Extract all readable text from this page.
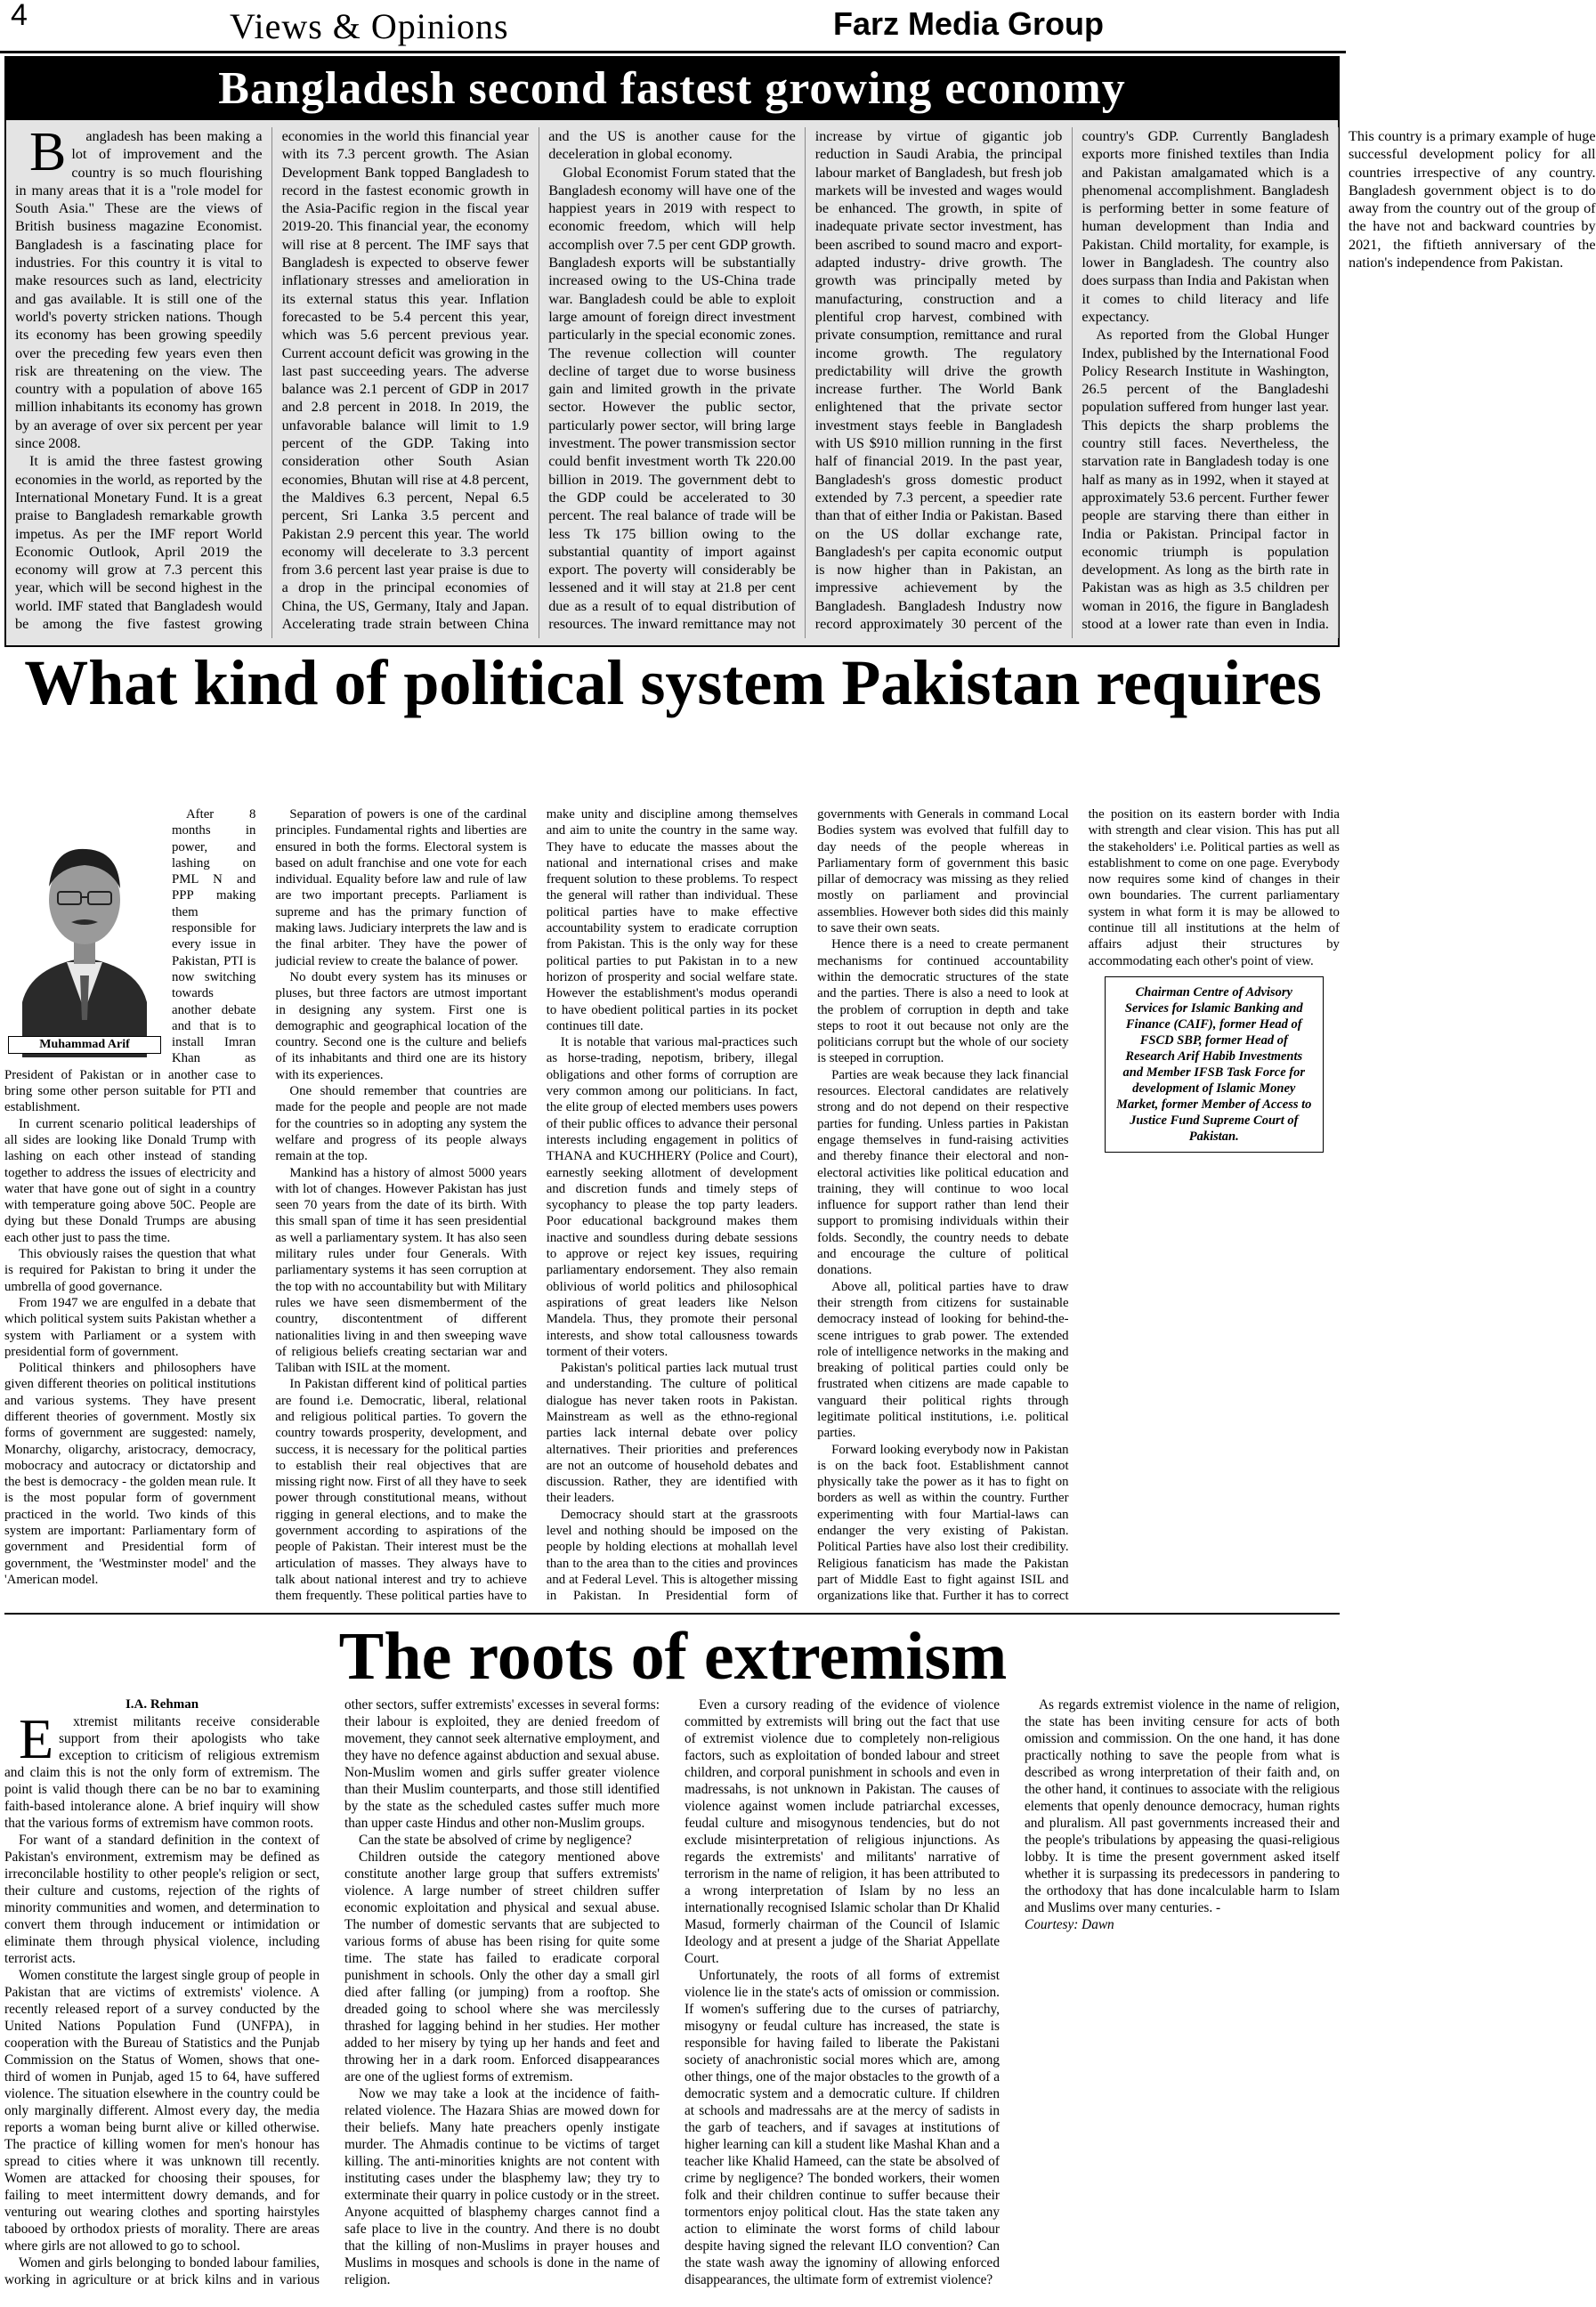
4	Views & Opinions	Farz Media Group
Bangladesh second fastest growing economy

Bangladesh has been making a lot of improvement and the country is so much flourishing in many areas that it is a "role model for South Asia." These are the views of British business magazine Economist. Bangladesh is a fascinating place for industries. For this country it is vital to make resources such as land, electricity and gas available. It is still one of the world's poverty stricken nations. Though its economy has been growing speedily over the preceding few years even then risk are threatening on the view. The country with a population of above 165 million inhabitants its economy has grown by an average of over six percent per year since 2008.

It is amid the three fastest growing economies in the world, as reported by the International Monetary Fund. It is a great praise to Bangladesh remarkable growth impetus. As per the IMF report World Economic Outlook, April 2019 the economy will grow at 7.3 percent this year, which will be second highest in the world. IMF stated that Bangladesh would be among the five fastest growing economies in the world this financial year with its 7.3 percent growth. The Asian Development Bank topped Bangladesh to record in the fastest economic growth in the Asia-Pacific region in the fiscal year 2019-20. This financial year, the economy will rise at 8 percent. The IMF says that Bangladesh is expected to observe fewer inflationary stresses and amelioration in its external status this year. Inflation forecasted to be 5.4 percent this year, which was 5.6 percent previous year. Current account deficit was growing in the last past succeeding years. The adverse balance was 2.1 percent of GDP in 2017 and 2.8 percent in 2018. In 2019, the unfavorable balance will limit to 1.9 percent of the GDP. Taking into consideration other South Asian economies, Bhutan will rise at 4.8 percent, the Maldives 6.3 percent, Nepal 6.5 percent, Sri Lanka 3.5 percent and Pakistan 2.9 percent this year. The world economy will decelerate to 3.3 percent from 3.6 percent last year praise is due to a drop in the principal economies of China, the US, Germany, Italy and Japan. Accelerating trade strain between China and the US is another cause for the deceleration in global economy.

Global Economist Forum stated that the Bangladesh economy will have one of the happiest years in 2019 with respect to economic freedom, which will help accomplish over 7.5 per cent GDP growth. Bangladesh exports will be substantially increased owing to the US-China trade war. Bangladesh could be able to exploit large amount of foreign direct investment particularly in the special economic zones. The revenue collection will counter decline of target due to worse business gain and limited growth in the private sector. However the public sector, particularly power sector, will bring large investment. The power transmission sector could benfit investment worth Tk 220.00 billion in 2019. The government debt to the GDP could be accelerated to 30 percent. The real balance of trade will be less Tk 175 billion owing to the substantial quantity of import against export. The poverty will considerably be lessened and it will stay at 21.8 per cent due as a result of to equal distribution of resources. The inward remittance may not increase by virtue of gigantic job reduction in Saudi Arabia, the principal labour market of Bangladesh, but fresh job markets will be invested and wages would be enhanced. The growth, in spite of inadequate private sector investment, has been ascribed to sound macro and export-adapted industry- drive growth. The growth was principally meted by manufacturing, construction and a plentiful crop harvest, combined with private consumption, remittance and rural income growth. The regulatory predictability will drive the growth increase further. The World Bank enlightened that the private sector investment stays feeble in Bangladesh with US $910 million running in the first half of financial 2019. In the past year, Bangladesh's gross domestic product extended by 7.3 percent, a speedier rate than that of either India or Pakistan. Based on the US dollar exchange rate, Bangladesh's per capita economic output is now higher than in Pakistan, an impressive achievement by the Bangladesh. Bangladesh Industry now record approximately 30 percent of the country's GDP. Currently Bangladesh exports more finished textiles than India and Pakistan amalgamated which is a phenomenal accomplishment. Bangladesh is performing better in some feature of human development than India and Pakistan. Child mortality, for example, is lower in Bangladesh. The country also does surpass than India and Pakistan when it comes to child literacy and life expectancy.

As reported from the Global Hunger Index, published by the International Food Policy Research Institute in Washington, 26.5 percent of the Bangladeshi population suffered from hunger last year. This depicts the sharp problems the country still faces. Nevertheless, the starvation rate in Bangladesh today is one half as many as in 1992, when it stayed at approximately 53.6 percent. Further fewer people are starving there than either in India or Pakistan. Principal factor in economic triumph is population development. As long as the birth rate in Pakistan was as high as 3.5 children per woman in 2016, the figure in Bangladesh stood at a lower rate than even in India. This country is a primary example of huge successful development policy for all countries irrespective of any country. Bangladesh government object is to do away from the country out of the group of the have not and backward countries by 2021, the fiftieth anniversary of the nation's independence from Pakistan.

What kind of political system Pakistan requires
Muhammad Arif

After 8 months in power, and lashing on PML N and PPP making them responsible for every issue in Pakistan, PTI is now switching towards another debate and that is to install Imran Khan as President of Pakistan or in another case to bring some other person suitable for PTI and establishment.

In current scenario political leaderships of all sides are looking like Donald Trump with lashing on each other instead of standing together to address the issues of electricity and water that have gone out of sight in a country with temperature going above 50C. People are dying but these Donald Trumps are abusing each other just to pass the time.

This obviously raises the question that what is required for Pakistan to bring it under the umbrella of good governance.

From 1947 we are engulfed in a debate that which political system suits Pakistan whether a system with Parliament or a system with presidential form of government.

Political thinkers and philosophers have given different theories on political institutions and various systems. They have present different theories of government. Mostly six forms of government are suggested: namely, Monarchy, oligarchy, aristocracy, democracy, mobocracy and autocracy or dictatorship and the best is democracy - the golden mean rule. It is the most popular form of government practiced in the world. Two kinds of this system are important: Parliamentary form of government and Presidential form of government, the 'Westminster model' and the 'American model.

Separation of powers is one of the cardinal principles. Fundamental rights and liberties are ensured in both the forms. Electoral system is based on adult franchise and one vote for each individual. Equality before law and rule of law are two important precepts. Parliament is supreme and has the primary function of making laws. Judiciary interprets the law and is the final arbiter. They have the power of judicial review to create the balance of power.

No doubt every system has its minuses or pluses, but three factors are utmost important in designing any system. First one is demographic and geographical location of the country. Second one is the culture and beliefs of its inhabitants and third one are its history with its experiences.

One should remember that countries are made for the people and people are not made for the countries so in adopting any system the welfare and progress of its people always remain at the top.

Mankind has a history of almost 5000 years with lot of changes. However Pakistan has just seen 70 years from the date of its birth. With this small span of time it has seen presidential as well a parliamentary system. It has also seen military rules under four Generals. With parliamentary systems it has seen corruption at the top with no accountability but with Military rules we have seen dismemberment of the country, discontentment of different nationalities living in and then sweeping wave of religious beliefs creating sectarian war and Taliban with ISIL at the moment.

In Pakistan different kind of political parties are found i.e. Democratic, liberal, relational and religious political parties. To govern the country towards prosperity, development, and success, it is necessary for the political parties to establish their real objectives that are missing right now. First of all they have to seek power through constitutional means, without rigging in general elections, and to make the government according to aspirations of the people of Pakistan. Their interest must be the articulation of masses. They always have to talk about national interest and try to achieve them frequently. These political parties have to make unity and discipline among themselves and aim to unite the country in the same way. They have to educate the masses about the national and international crises and make frequent solution to these problems. To respect the general will rather than individual. These political parties have to make effective accountability system to eradicate corruption from Pakistan. This is the only way for these political parties to put Pakistan in to a new horizon of prosperity and social welfare state. However the establishment's modus operandi to have obedient political parties in its pocket continues till date.

It is notable that various mal-practices such as horse-trading, nepotism, bribery, illegal obligations and other forms of corruption are very common among our politicians. In fact, the elite group of elected members uses powers of their public offices to advance their personal interests including engagement in politics of THANA and KUCHHERY (Police and Court), earnestly seeking allotment of development and discretion funds and timely steps of sycophancy to please the top party leaders. Poor educational background makes them inactive and soundless during debate sessions to approve or reject key issues, requiring parliamentary endorsement. They also remain oblivious of world politics and philosophical aspirations of great leaders like Nelson Mandela. Thus, they promote their personal interests, and show total callousness towards torment of their voters.

Pakistan's political parties lack mutual trust and understanding. The culture of political dialogue has never taken roots in Pakistan. Mainstream as well as the ethno-regional parties lack internal debate over policy alternatives. Their priorities and preferences are not an outcome of household debates and discussion. Rather, they are identified with their leaders.

Democracy should start at the grassroots level and nothing should be imposed on the people by holding elections at mohallah level than to the area than to the cities and provinces and at Federal Level. This is altogether missing in Pakistan. In Presidential form of governments with Generals in command Local Bodies system was evolved that fulfill day to day needs of the people whereas in Parliamentary form of government this basic pillar of democracy was missing as they relied mostly on parliament and provincial assemblies. However both sides did this mainly to save their own seats.

Hence there is a need to create permanent mechanisms for continued accountability within the democratic structures of the state and the parties. There is also a need to look at the problem of corruption in depth and take steps to root it out because not only are the politicians corrupt but the whole of our society is steeped in corruption.

Parties are weak because they lack financial resources. Electoral candidates are relatively strong and do not depend on their respective parties for funding. Unless parties in Pakistan engage themselves in fund-raising activities and thereby finance their electoral and non-electoral activities like political education and training, they will continue to woo local influence for support rather than lend their support to promising individuals within their folds. Secondly, the country needs to debate and encourage the culture of political donations.

Above all, political parties have to draw their strength from citizens for sustainable democracy instead of looking for behind-the-scene intrigues to grab power. The extended role of intelligence networks in the making and breaking of political parties could only be frustrated when citizens are made capable to vanguard their political rights through legitimate political institutions, i.e. political parties.

Forward looking everybody now in Pakistan is on the back foot. Establishment cannot physically take the power as it has to fight on borders as well as within the country. Further experimenting with four Martial-laws can endanger the very existing of Pakistan. Political Parties have also lost their credibility. Religious fanaticism has made the Pakistan part of Middle East to fight against ISIL and organizations like that. Further it has to correct the position on its eastern border with India with strength and clear vision. This has put all the stakeholders' i.e. Political parties as well as establishment to come on one page. Everybody now requires some kind of changes in their own boundaries. The current parliamentary system in what form it is may be allowed to continue till all institutions at the helm of affairs adjust their structures by accommodating each other's point of view.

Chairman Centre of Advisory Services for Islamic Banking and Finance (CAIF), former Head of FSCD SBP, former Head of Research Arif Habib Investments and Member IFSB Task Force for development of Islamic Money Market, former Member of Access to Justice Fund Supreme Court of Pakistan.
The roots of extremism

I.A. Rehman

Extremist militants receive considerable support from their apologists who take exception to criticism of religious extremism and claim this is not the only form of extremism. The point is valid though there can be no bar to examining faith-based intolerance alone. A brief inquiry will show that the various forms of extremism have common roots.

For want of a standard definition in the context of Pakistan's environment, extremism may be defined as irreconcilable hostility to other people's religion or sect, their culture and customs, rejection of the rights of minority communities and women, and determination to convert them through inducement or intimidation or eliminate them through physical violence, including terrorist acts.

Women constitute the largest single group of people in Pakistan that are victims of extremists' violence. A recently released report of a survey conducted by the United Nations Population Fund (UNFPA), in cooperation with the Bureau of Statistics and the Punjab Commission on the Status of Women, shows that one-third of women in Punjab, aged 15 to 64, have suffered violence. The situation elsewhere in the country could be only marginally different. Almost every day, the media reports a woman being burnt alive or killed otherwise. The practice of killing women for men's honour has spread to cities where it was unknown till recently. Women are attacked for choosing their spouses, for failing to meet intermittent dowry demands, and for venturing out wearing clothes and sporting hairstyles tabooed by orthodox priests of morality. There are areas where girls are not allowed to go to school.

Women and girls belonging to bonded labour families, working in agriculture or at brick kilns and in various other sectors, suffer extremists' excesses in several forms: their labour is exploited, they are denied freedom of movement, they cannot seek alternative employment, and they have no defence against abduction and sexual abuse. Non-Muslim women and girls suffer greater violence than their Muslim counterparts, and those still identified by the state as the scheduled castes suffer much more than upper caste Hindus and other non-Muslim groups.

Can the state be absolved of crime by negligence?

Children outside the category mentioned above constitute another large group that suffers extremists' violence. A large number of street children suffer economic exploitation and physical and sexual abuse. The number of domestic servants that are subjected to various forms of abuse has been rising for quite some time. The state has failed to eradicate corporal punishment in schools. Only the other day a small girl died after falling (or jumping) from a rooftop. She dreaded going to school where she was mercilessly thrashed for lagging behind in her studies. Her mother added to her misery by tying up her hands and feet and throwing her in a dark room. Enforced disappearances are one of the ugliest forms of extremism.

Now we may take a look at the incidence of faith-related violence. The Hazara Shias are mowed down for their beliefs. Many hate preachers openly instigate murder. The Ahmadis continue to be victims of target killing. The anti-minorities knights are not content with instituting cases under the blasphemy law; they try to exterminate their quarry in police custody or in the street. Anyone acquitted of blasphemy charges cannot find a safe place to live in the country. And there is no doubt that the killing of non-Muslims in prayer houses and Muslims in mosques and schools is done in the name of religion.

Even a cursory reading of the evidence of violence committed by extremists will bring out the fact that use of extremist violence due to completely non-religious factors, such as exploitation of bonded labour and street children, and corporal punishment in schools and even in madressahs, is not unknown in Pakistan. The causes of violence against women include patriarchal excesses, feudal culture and misogynous tendencies, but do not exclude misinterpretation of religious injunctions. As regards the extremists' and militants' narrative of terrorism in the name of religion, it has been attributed to a wrong interpretation of Islam by no less an internationally recognised Islamic scholar than Dr Khalid Masud, formerly chairman of the Council of Islamic Ideology and at present a judge of the Shariat Appellate Court.

Unfortunately, the roots of all forms of extremist violence lie in the state's acts of omission or commission. If women's suffering due to the curses of patriarchy, misogyny or feudal culture has increased, the state is responsible for having failed to liberate the Pakistani society of anachronistic social mores which are, among other things, one of the major obstacles to the growth of a democratic system and a democratic culture. If children at schools and madressahs are at the mercy of sadists in the garb of teachers, and if savages at institutions of higher learning can kill a student like Mashal Khan and a teacher like Khalid Hameed, can the state be absolved of crime by negligence? The bonded workers, their women folk and their children continue to suffer because their tormentors enjoy political clout. Has the state taken any action to eliminate the worst forms of child labour despite having signed the relevant ILO convention? Can the state wash away the ignominy of allowing enforced disappearances, the ultimate form of extremist violence?

As regards extremist violence in the name of religion, the state has been inviting censure for acts of both omission and commission. On the one hand, it has done practically nothing to save the people from what is described as wrong interpretation of their faith and, on the other hand, it continues to associate with the religious elements that openly denounce democracy, human rights and pluralism. All past governments increased their and the people's tribulations by appeasing the quasi-religious lobby. It is time the present government asked itself whether it is surpassing its predecessors in pandering to the orthodoxy that has done incalculable harm to Islam and Muslims over many centuries. -

Courtesy: Dawn
